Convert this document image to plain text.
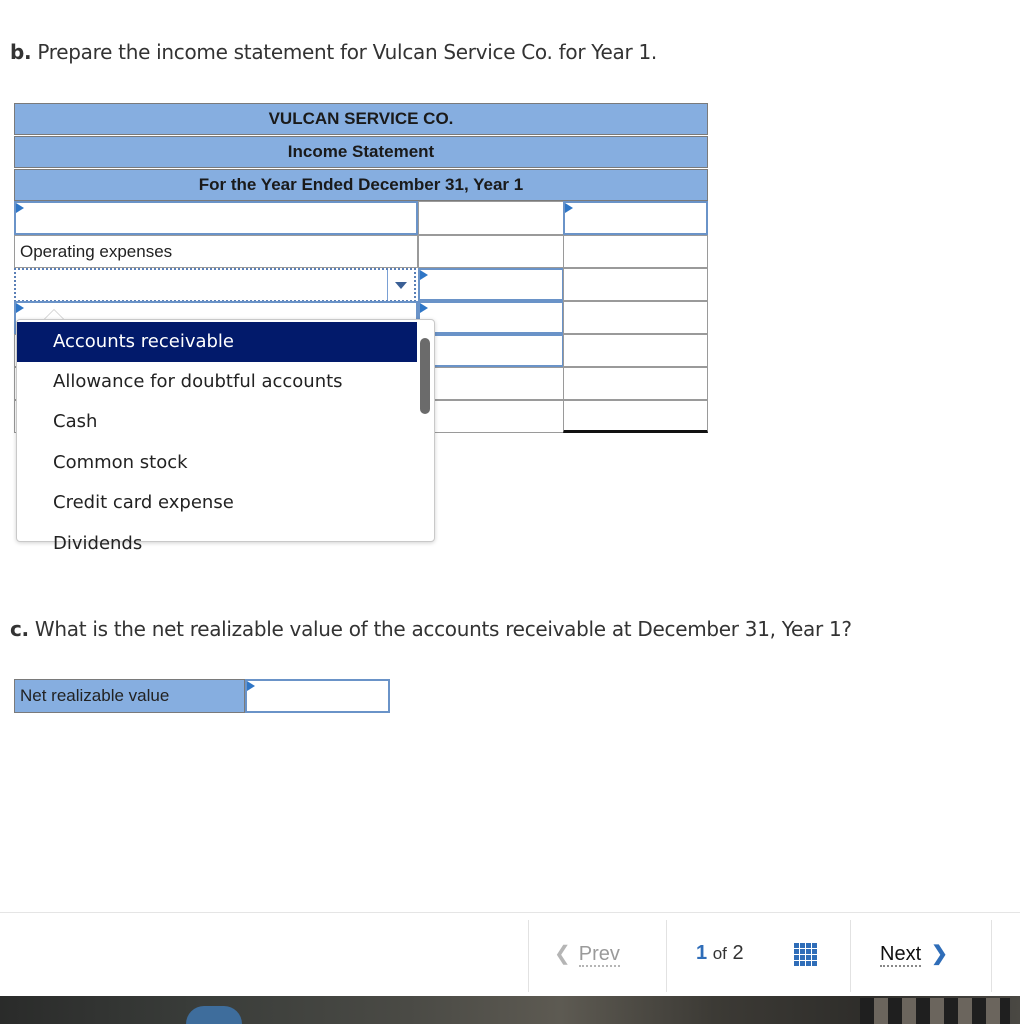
b. Prepare the income statement for Vulcan Service Co. for Year 1.
VULCAN SERVICE CO.
Income Statement
For the Year Ended December 31, Year 1
Operating expenses
Accounts receivable
Allowance for doubtful accounts
Cash
Common stock
Credit card expense
Dividends
c. What is the net realizable value of the accounts receivable at December 31, Year 1?
Net realizable value
❮ Prev	1 of 2	Next ❯
